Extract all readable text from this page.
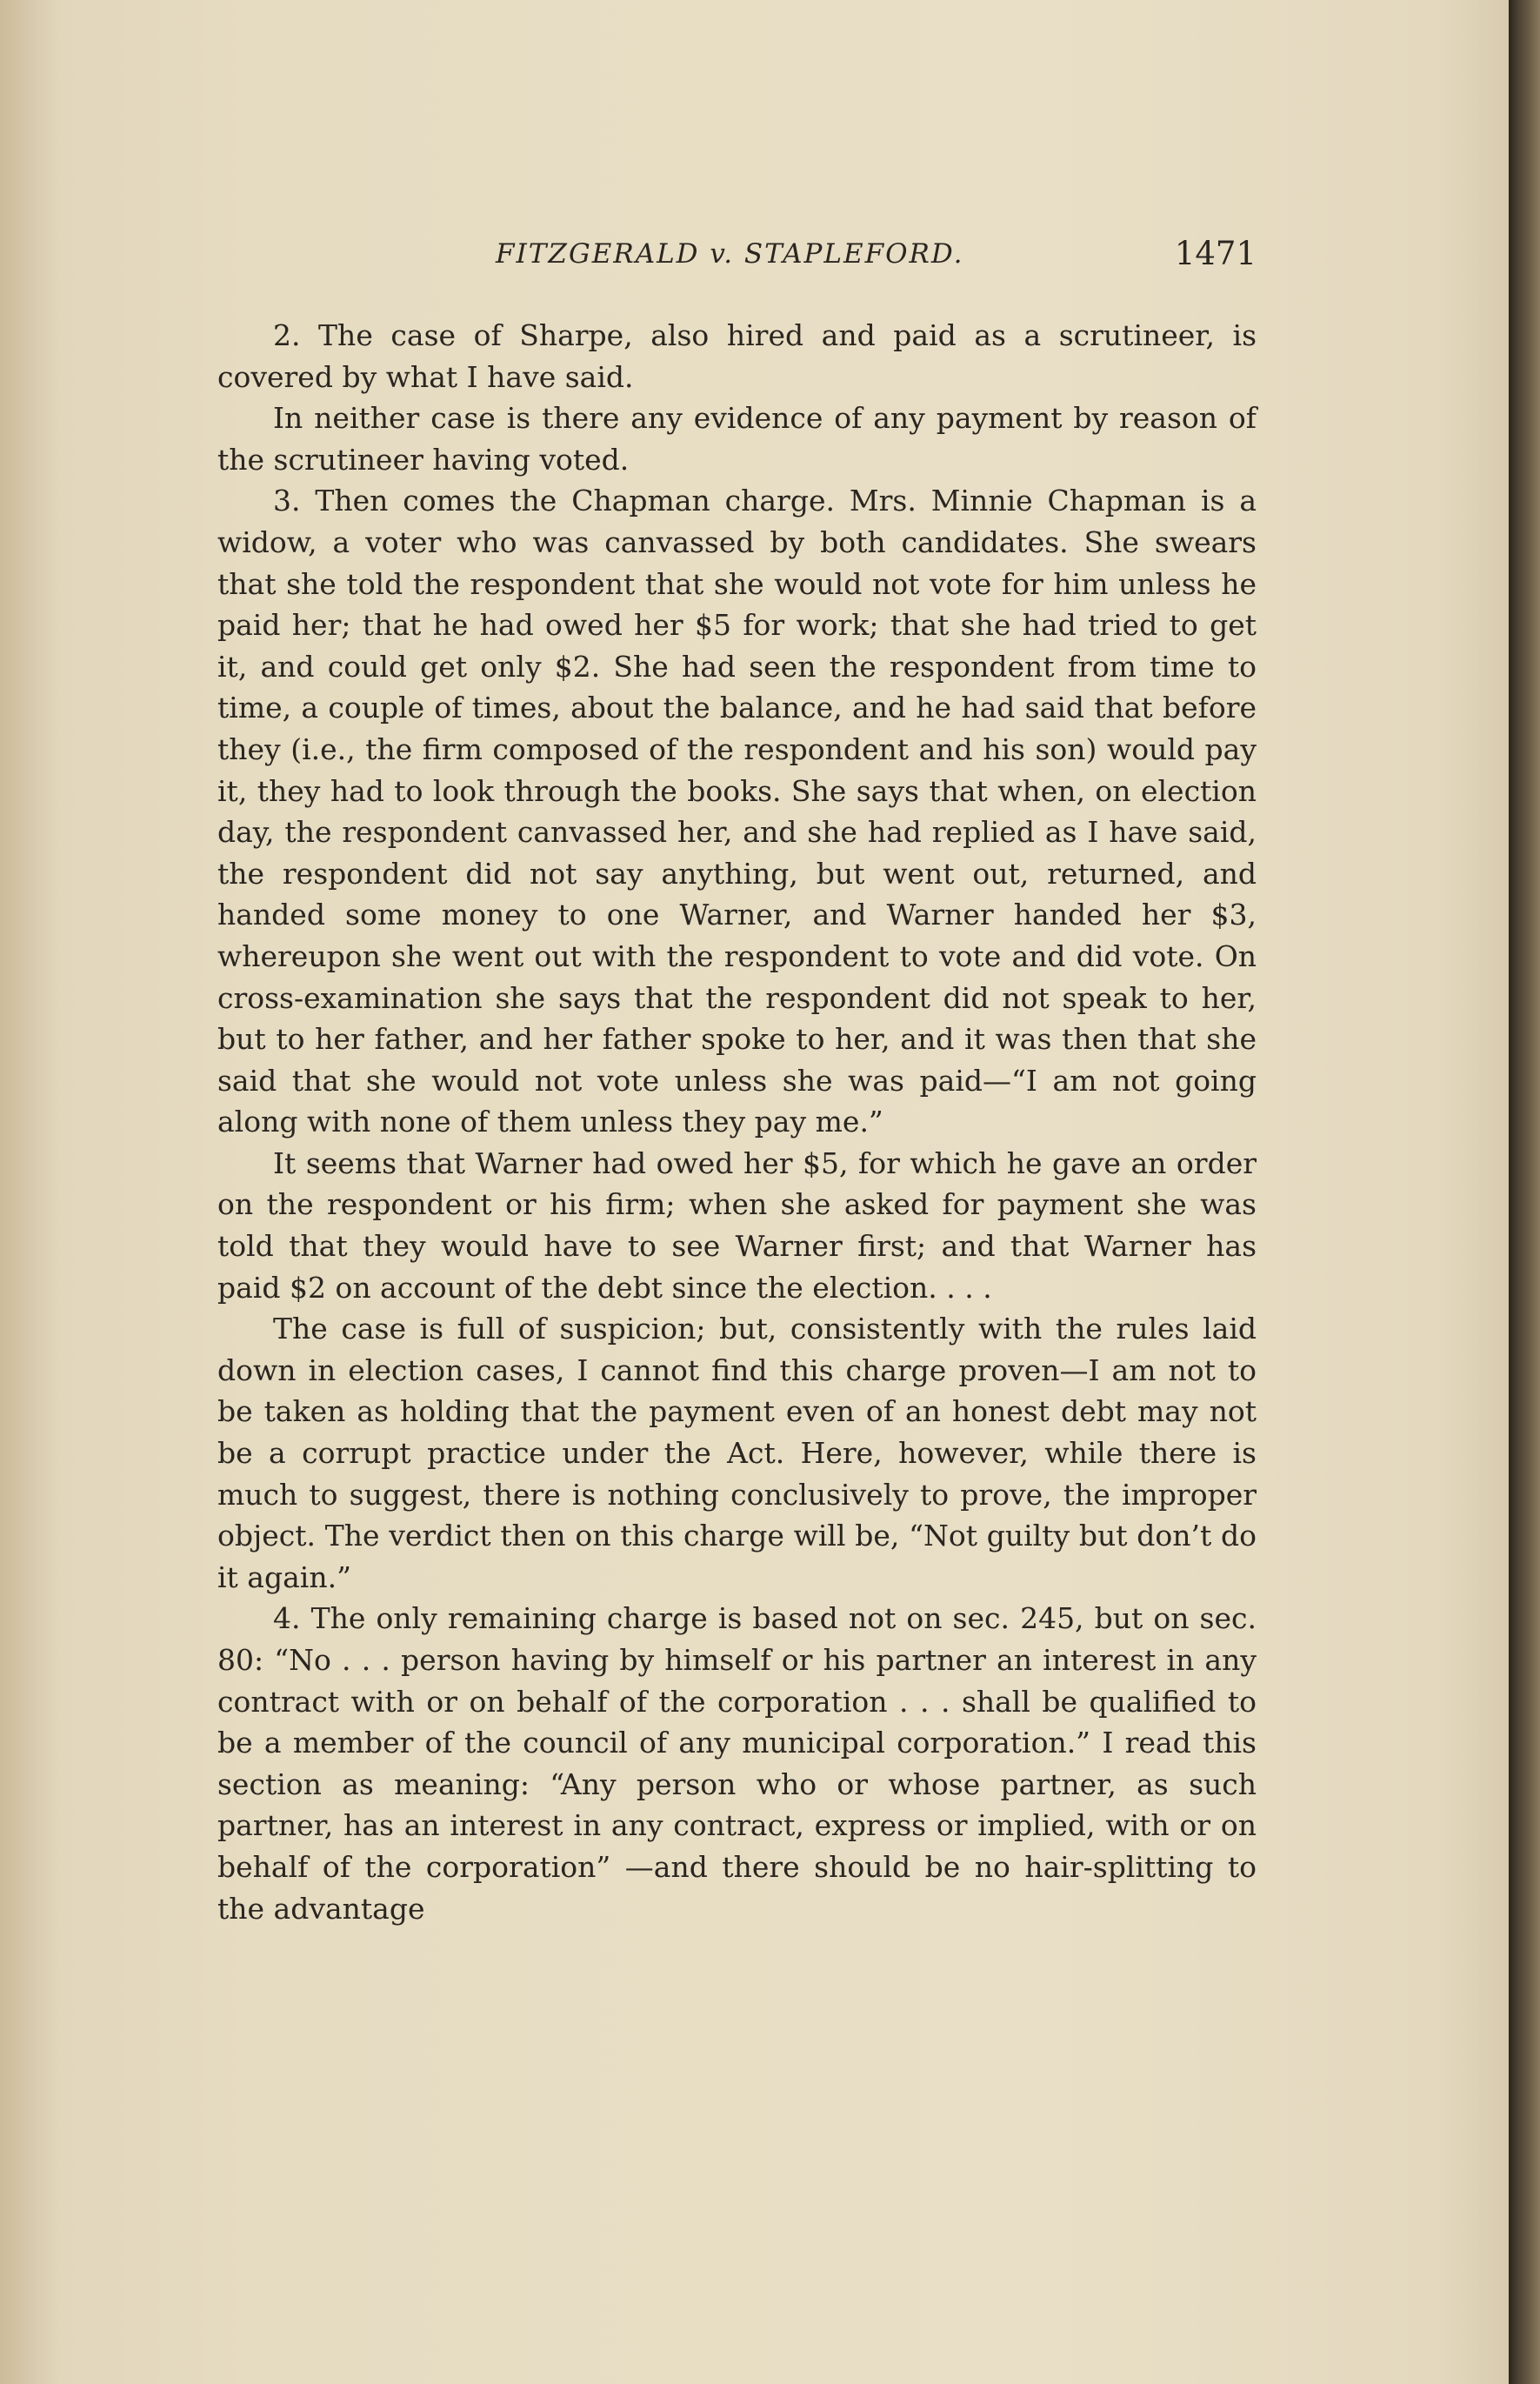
FITZGERALD v. STAPLEFORD.	1471

2. The case of Sharpe, also hired and paid as a scrutineer, is covered by what I have said.

In neither case is there any evidence of any payment by reason of the scrutineer having voted.

3. Then comes the Chapman charge. Mrs. Minnie Chapman is a widow, a voter who was canvassed by both candidates. She swears that she told the respondent that she would not vote for him unless he paid her; that he had owed her $5 for work; that she had tried to get it, and could get only $2. She had seen the respondent from time to time, a couple of times, about the balance, and he had said that before they (i.e., the firm composed of the respondent and his son) would pay it, they had to look through the books. She says that when, on election day, the respondent canvassed her, and she had replied as I have said, the respondent did not say anything, but went out, returned, and handed some money to one Warner, and Warner handed her $3, whereupon she went out with the respondent to vote and did vote. On cross-examination she says that the respondent did not speak to her, but to her father, and her father spoke to her, and it was then that she said that she would not vote unless she was paid—“I am not going along with none of them unless they pay me.”

It seems that Warner had owed her $5, for which he gave an order on the respondent or his firm; when she asked for payment she was told that they would have to see Warner first; and that Warner has paid $2 on account of the debt since the election. . . .

The case is full of suspicion; but, consistently with the rules laid down in election cases, I cannot find this charge proven—I am not to be taken as holding that the payment even of an honest debt may not be a corrupt practice under the Act. Here, however, while there is much to suggest, there is nothing conclusively to prove, the improper object. The verdict then on this charge will be, “Not guilty but don’t do it again.”

4. The only remaining charge is based not on sec. 245, but on sec. 80: “No . . . person having by himself or his partner an interest in any contract with or on behalf of the corporation . . . shall be qualified to be a member of the council of any municipal corporation.” I read this section as meaning: “Any person who or whose partner, as such partner, has an interest in any contract, express or implied, with or on behalf of the corporation” —and there should be no hair-splitting to the advantage
